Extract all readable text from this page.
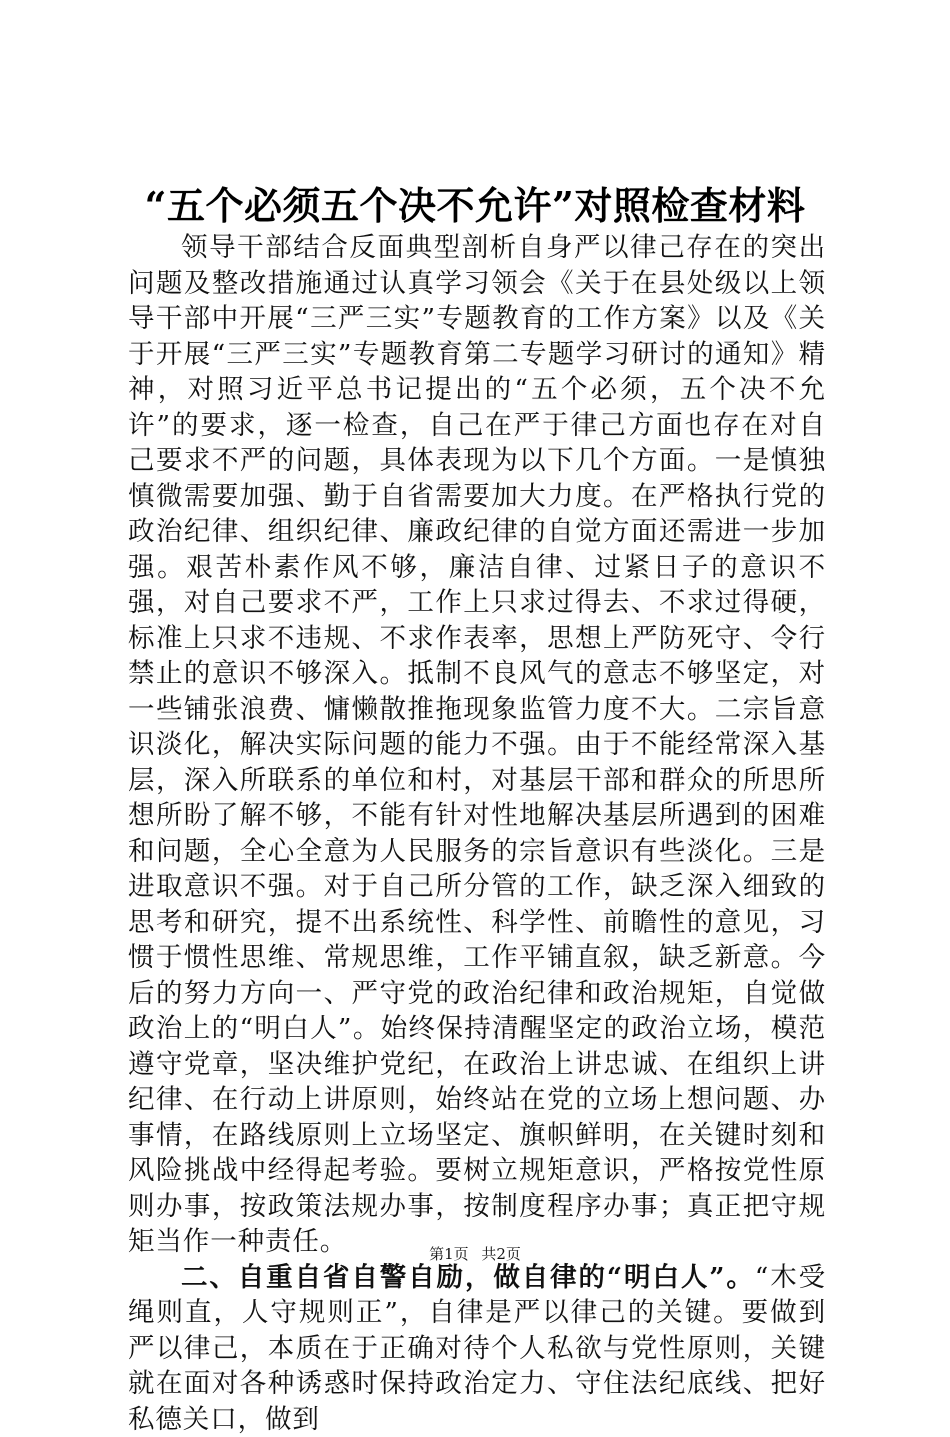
“五个必须五个决不允许”对照检查材料

领导干部结合反面典型剖析自身严以律己存在的突出问题及整改措施通过认真学习领会《关于在县处级以上领导干部中开展“三严三实”专题教育的工作方案》以及《关于开展“三严三实”专题教育第二专题学习研讨的通知》精神，对照习近平总书记提出的“五个必须，五个决不允许”的要求，逐一检查，自己在严于律己方面也存在对自己要求不严的问题，具体表现为以下几个方面。一是慎独慎微需要加强、勤于自省需要加大力度。在严格执行党的政治纪律、组织纪律、廉政纪律的自觉方面还需进一步加强。艰苦朴素作风不够，廉洁自律、过紧日子的意识不强，对自己要求不严，工作上只求过得去、不求过得硬，标准上只求不违规、不求作表率，思想上严防死守、令行禁止的意识不够深入。抵制不良风气的意志不够坚定，对一些铺张浪费、慵懒散推拖现象监管力度不大。二宗旨意识淡化，解决实际问题的能力不强。由于不能经常深入基层，深入所联系的单位和村，对基层干部和群众的所思所想所盼了解不够，不能有针对性地解决基层所遇到的困难和问题，全心全意为人民服务的宗旨意识有些淡化。三是进取意识不强。对于自己所分管的工作，缺乏深入细致的思考和研究，提不出系统性、科学性、前瞻性的意见，习惯于惯性思维、常规思维，工作平铺直叙，缺乏新意。今后的努力方向一、严守党的政治纪律和政治规矩，自觉做政治上的“明白人”。始终保持清醒坚定的政治立场，模范遵守党章，坚决维护党纪，在政治上讲忠诚、在组织上讲纪律、在行动上讲原则，始终站在党的立场上想问题、办事情，在路线原则上立场坚定、旗帜鲜明，在关键时刻和风险挑战中经得起考验。要树立规矩意识，严格按党性原则办事，按政策法规办事，按制度程序办事；真正把守规矩当作一种责任。

二、自重自省自警自励，做自律的“明白人”。“木受绳则直，人守规则正”，自律是严以律己的关键。要做到严以律己，本质在于正确对待个人私欲与党性原则，关键就在面对各种诱惑时保持政治定力、守住法纪底线、把好私德关口，做到

第1页 共2页
